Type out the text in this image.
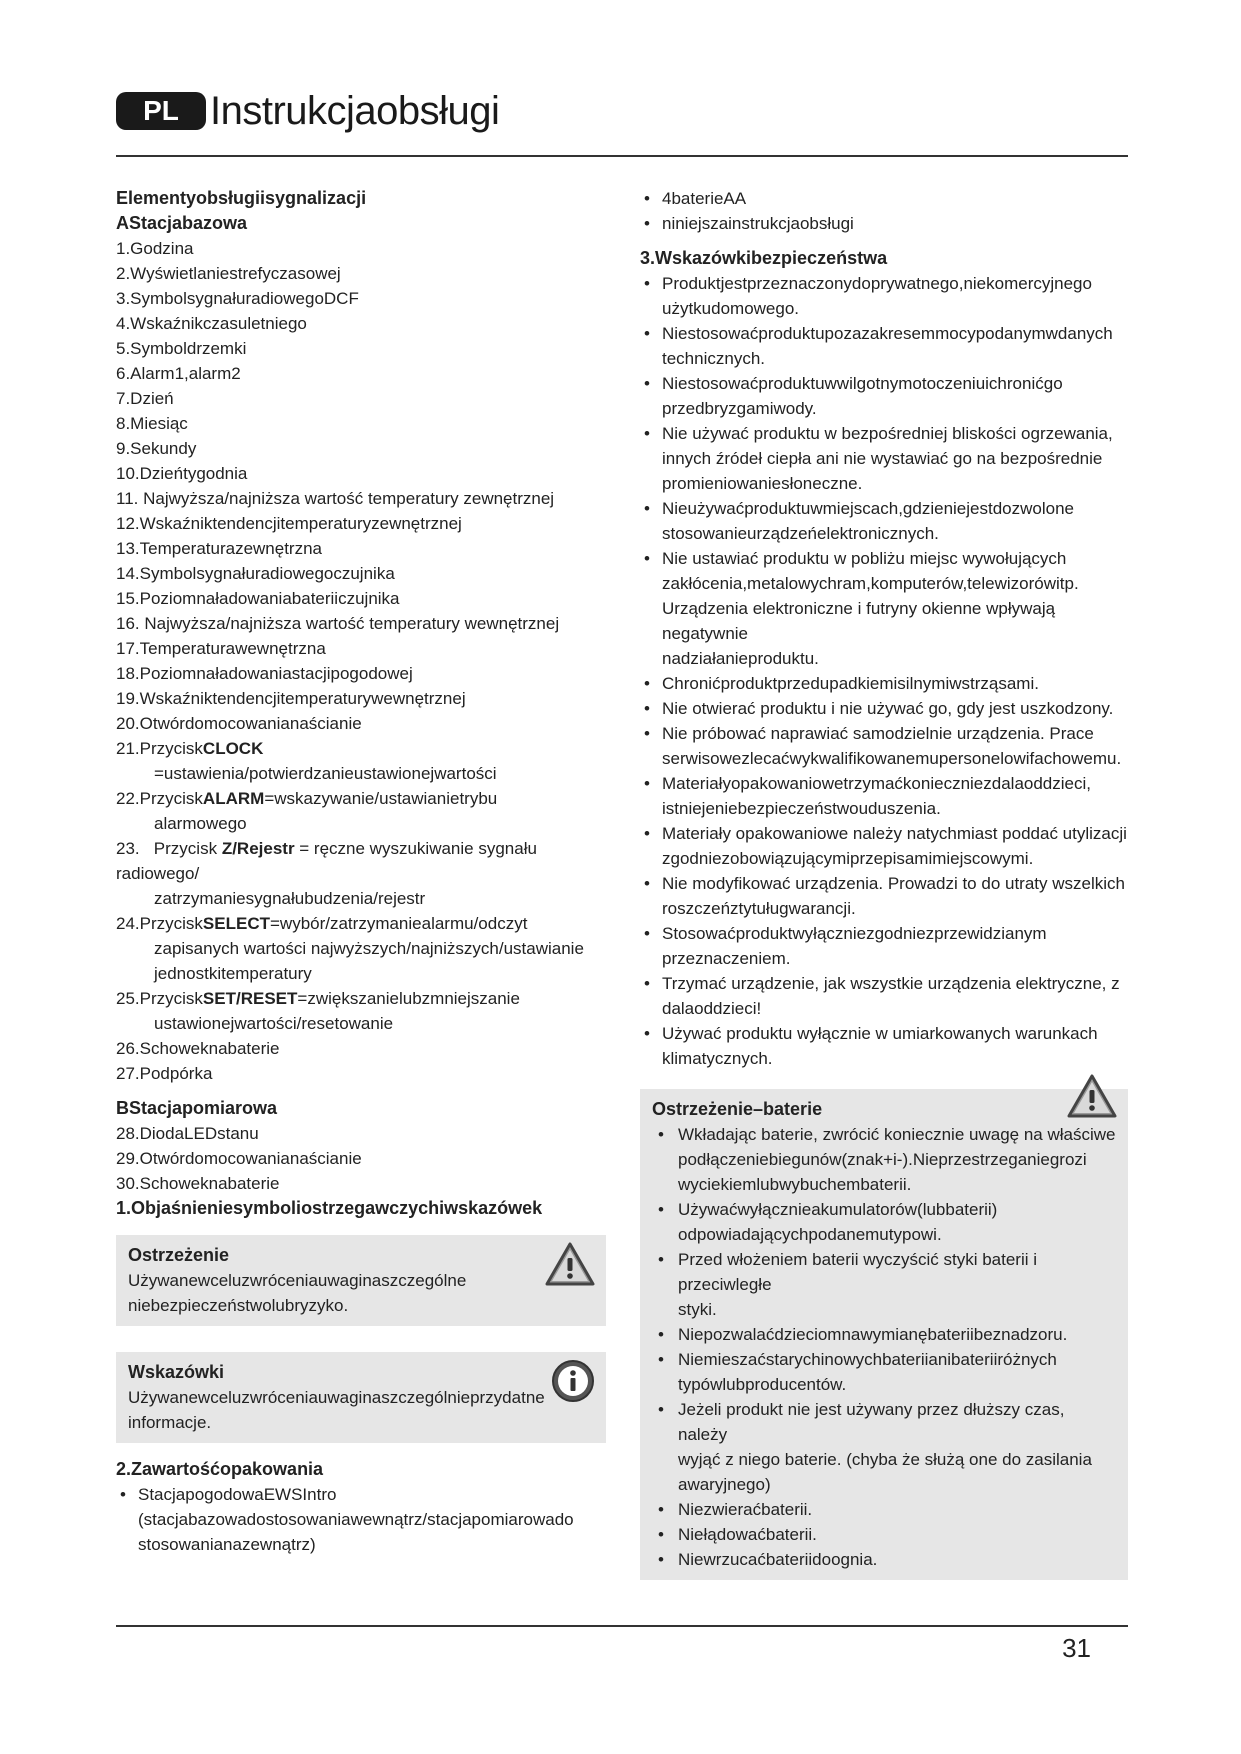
PL Instrukcjaobsługi

Elementyobsługiisygnalizacji

AStacjabazowa

1.Godzina
2.Wyświetlaniestrefyczasowej
3.SymbolsygnałuradiowegoDCF
4.Wskaźnikczasuletniego
5.Symboldrzemki
6.Alarm1,alarm2
7.Dzień
8.Miesiąc
9.Sekundy
10.Dzieńtygodnia
11. Najwyższa/najniższa wartość temperatury zewnętrznej
12.Wskaźniktendencjitemperaturyzewnętrznej
13.Temperaturazewnętrzna
14.Symbolsygnałuradiowegoczujnika
15.Poziomnaładowaniabateriiczujnika
16. Najwyższa/najniższa wartość temperatury wewnętrznej
17.Temperaturawewnętrzna
18.Poziomnaładowaniastacjipogodowej
19.Wskaźniktendencjitemperaturywewnętrznej
20.Otwórdomocowanianaścianie
21.PrzyciskCLOCK
=ustawienia/potwierdzanieustawionejwartości
22.PrzyciskALARM=wskazywanie/ustawianietrybu
alarmowego
23.   Przycisk Z/Rejestr = ręczne wyszukiwanie sygnału radiowego/
zatrzymaniesygnałubudzenia/rejestr
24.PrzyciskSELECT=wybór/zatrzymaniealarmu/odczyt
zapisanych wartości najwyższych/najniższych/ustawianie
jednostkitemperatury
25.PrzyciskSET/RESET=zwiększanielubzmniejszanie
ustawionejwartości/resetowanie
26.Schoweknabaterie
27.Podpórka

BStacjapomiarowa

28.DiodaLEDstanu
29.Otwórdomocowanianaścianie
30.Schoweknabaterie

1.Objaśnieniesymboliostrzegawczychiwskazówek

Ostrzeżenie
Używanewceluzwróceniauwaginaszczególne
niebezpieczeństwolubryzyko.
Wskazówki
Używanewceluzwróceniauwaginaszczególnieprzydatne
informacje.

2.Zawartośćopakowania

• StacjapogodowaEWSIntro
(stacjabazowadostosowaniawewnątrz/stacjapomiarowado
stosowanianazewnątrz)
• 4baterieAA
• niniejszainstrukcjaobsługi

3.Wskazówkibezpieczeństwa

• Produktjestprzeznaczonydoprywatnego,niekomercyjnego
użytkudomowego.
• Niestosowaćproduktupozazakresemmocypodanymwdanych
technicznych.
• Niestosowaćproduktuwwilgotnymotoczeniuichronićgo
przedbryzgamiwody.
• Nie używać produktu w bezpośredniej bliskości ogrzewania,
innych źródeł ciepła ani nie wystawiać go na bezpośrednie
promieniowaniesłoneczne.
• Nieużywaćproduktuwmiejscach,gdzieniejestdozwolone
stosowanieurządzeńelektronicznych.
• Nie ustawiać produktu w pobliżu miejsc wywołujących
zakłócenia,metalowychram,komputerów,telewizorówitp.
Urządzenia elektroniczne i futryny okienne wpływają negatywnie
nadziałanieproduktu.
• Chronićproduktprzedupadkiemisilnymiwstrząsami.
• Nie otwierać produktu i nie używać go, gdy jest uszkodzony.
• Nie próbować naprawiać samodzielnie urządzenia. Prace
serwisowezlecaćwykwalifikowanemupersonelowifachowemu.
• Materiałyopakowaniowetrzymaćkoniecznie​zdalaoddzieci,
istniejeniebezpieczeństwouduszenia.
• Materiały opakowaniowe należy natychmiast poddać utylizacji
zgodniezobowiązującymiprzepisamimiejscowymi.
• Nie modyfikować urządzenia. Prowadzi to do utraty wszelkich
roszczeńztytuługwarancji.
• Stosowaćproduktwyłączniezgodniezprzewidzianym
przeznaczeniem.
• Trzymać urządzenie, jak wszystkie urządzenia elektryczne, z
dalaoddzieci!
• Używać produktu wyłącznie w umiarkowanych warunkach
klimatycznych.
Ostrzeżenie–baterie
• Wkładając baterie, zwrócić koniecznie uwagę na właściwe
podłączeniebiegunów(znak+i-).Nieprzestrzeganiegrozi
wyciekiemlubwybuchembaterii.
• Używaćwyłącznieakumulatorów(lubbaterii)
odpowiadającychpodanemutypowi.
• Przed włożeniem baterii wyczyścić styki baterii i przeciwległe
styki.
• Niepozwalaćdzieciomnawymianębateriibeznadzoru.
• Niemieszaćstarychinowychbateriianibateriiróżnych
typówlubproducentów.
• Jeżeli produkt nie jest używany przez dłuższy czas, należy
wyjąć z niego baterie. (chyba że służą one do zasilania
awaryjnego)
• Niezwieraćbaterii.
• Niełądowaćbaterii.
• Niewrzucaćbateriidoognia.
31
